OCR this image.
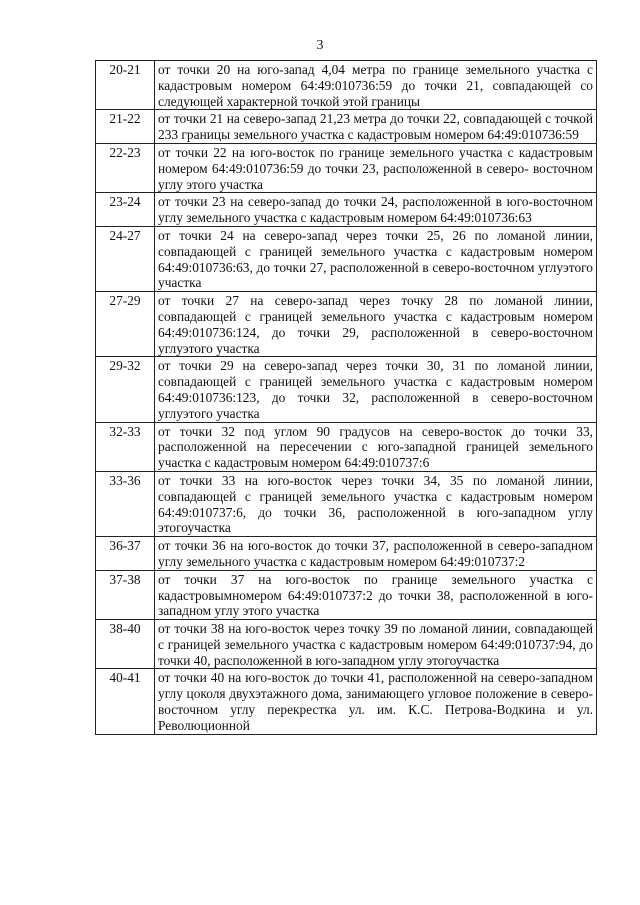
3
20-21	от точки 20 на юго-запад 4,04 метра по границе земельного участка с кадастровым номером 64:49:010736:59 до точки 21, совпадающей со следующей характерной точкой этой границы
21-22	от точки 21 на северо-запад 21,23 метра до точки 22, совпадающей с точкой 233 границы земельного участка с кадастровым номером 64:49:010736:59
22-23	от точки 22 на юго-восток по границе земельного участка с кадастровым номером 64:49:010736:59 до точки 23, расположенной в северо- восточном углу этого участка
23-24	от точки 23 на северо-запад до точки 24, расположенной в юго-восточном углу земельного участка с кадастровым номером 64:49:010736:63
24-27	от точки 24 на северо-запад через точки 25, 26 по ломаной линии, совпадающей с границей земельного участка с кадастровым номером 64:49:010736:63, до точки 27, расположенной в северо-восточном углуэтого участка
27-29	от точки 27 на северо-запад через точку 28 по ломаной линии, совпадающей с границей земельного участка с кадастровым номером 64:49:010736:124, до точки 29, расположенной в северо-восточном углуэтого участка
29-32	от точки 29 на северо-запад через точки 30, 31 по ломаной линии, совпадающей с границей земельного участка с кадастровым номером 64:49:010736:123, до точки 32, расположенной в северо-восточном углуэтого участка
32-33	от точки 32 под углом 90 градусов на северо-восток до точки 33, расположенной на пересечении с юго-западной границей земельного участка с кадастровым номером 64:49:010737:6
33-36	от точки 33 на юго-восток через точки 34, 35 по ломаной линии, совпадающей с границей земельного участка с кадастровым номером 64:49:010737:6, до точки 36, расположенной в юго-западном углу этогоучастка
36-37	от точки 36 на юго-восток до точки 37, расположенной в северо-западном углу земельного участка с кадастровым номером 64:49:010737:2
37-38	от точки 37 на юго-восток по границе земельного участка с кадастровымномером 64:49:010737:2 до точки 38, расположенной в юго-западном углу этого участка
38-40	от точки 38 на юго-восток через точку 39 по ломаной линии, совпадающей с границей земельного участка с кадастровым номером 64:49:010737:94, до точки 40, расположенной в юго-западном углу этогоучастка
40-41	от точки 40 на юго-восток до точки 41, расположенной на северо-западном углу цоколя двухэтажного дома, занимающего угловое положение в северо-восточном углу перекрестка ул. им. К.С. Петрова-Водкина и ул. Революционной
